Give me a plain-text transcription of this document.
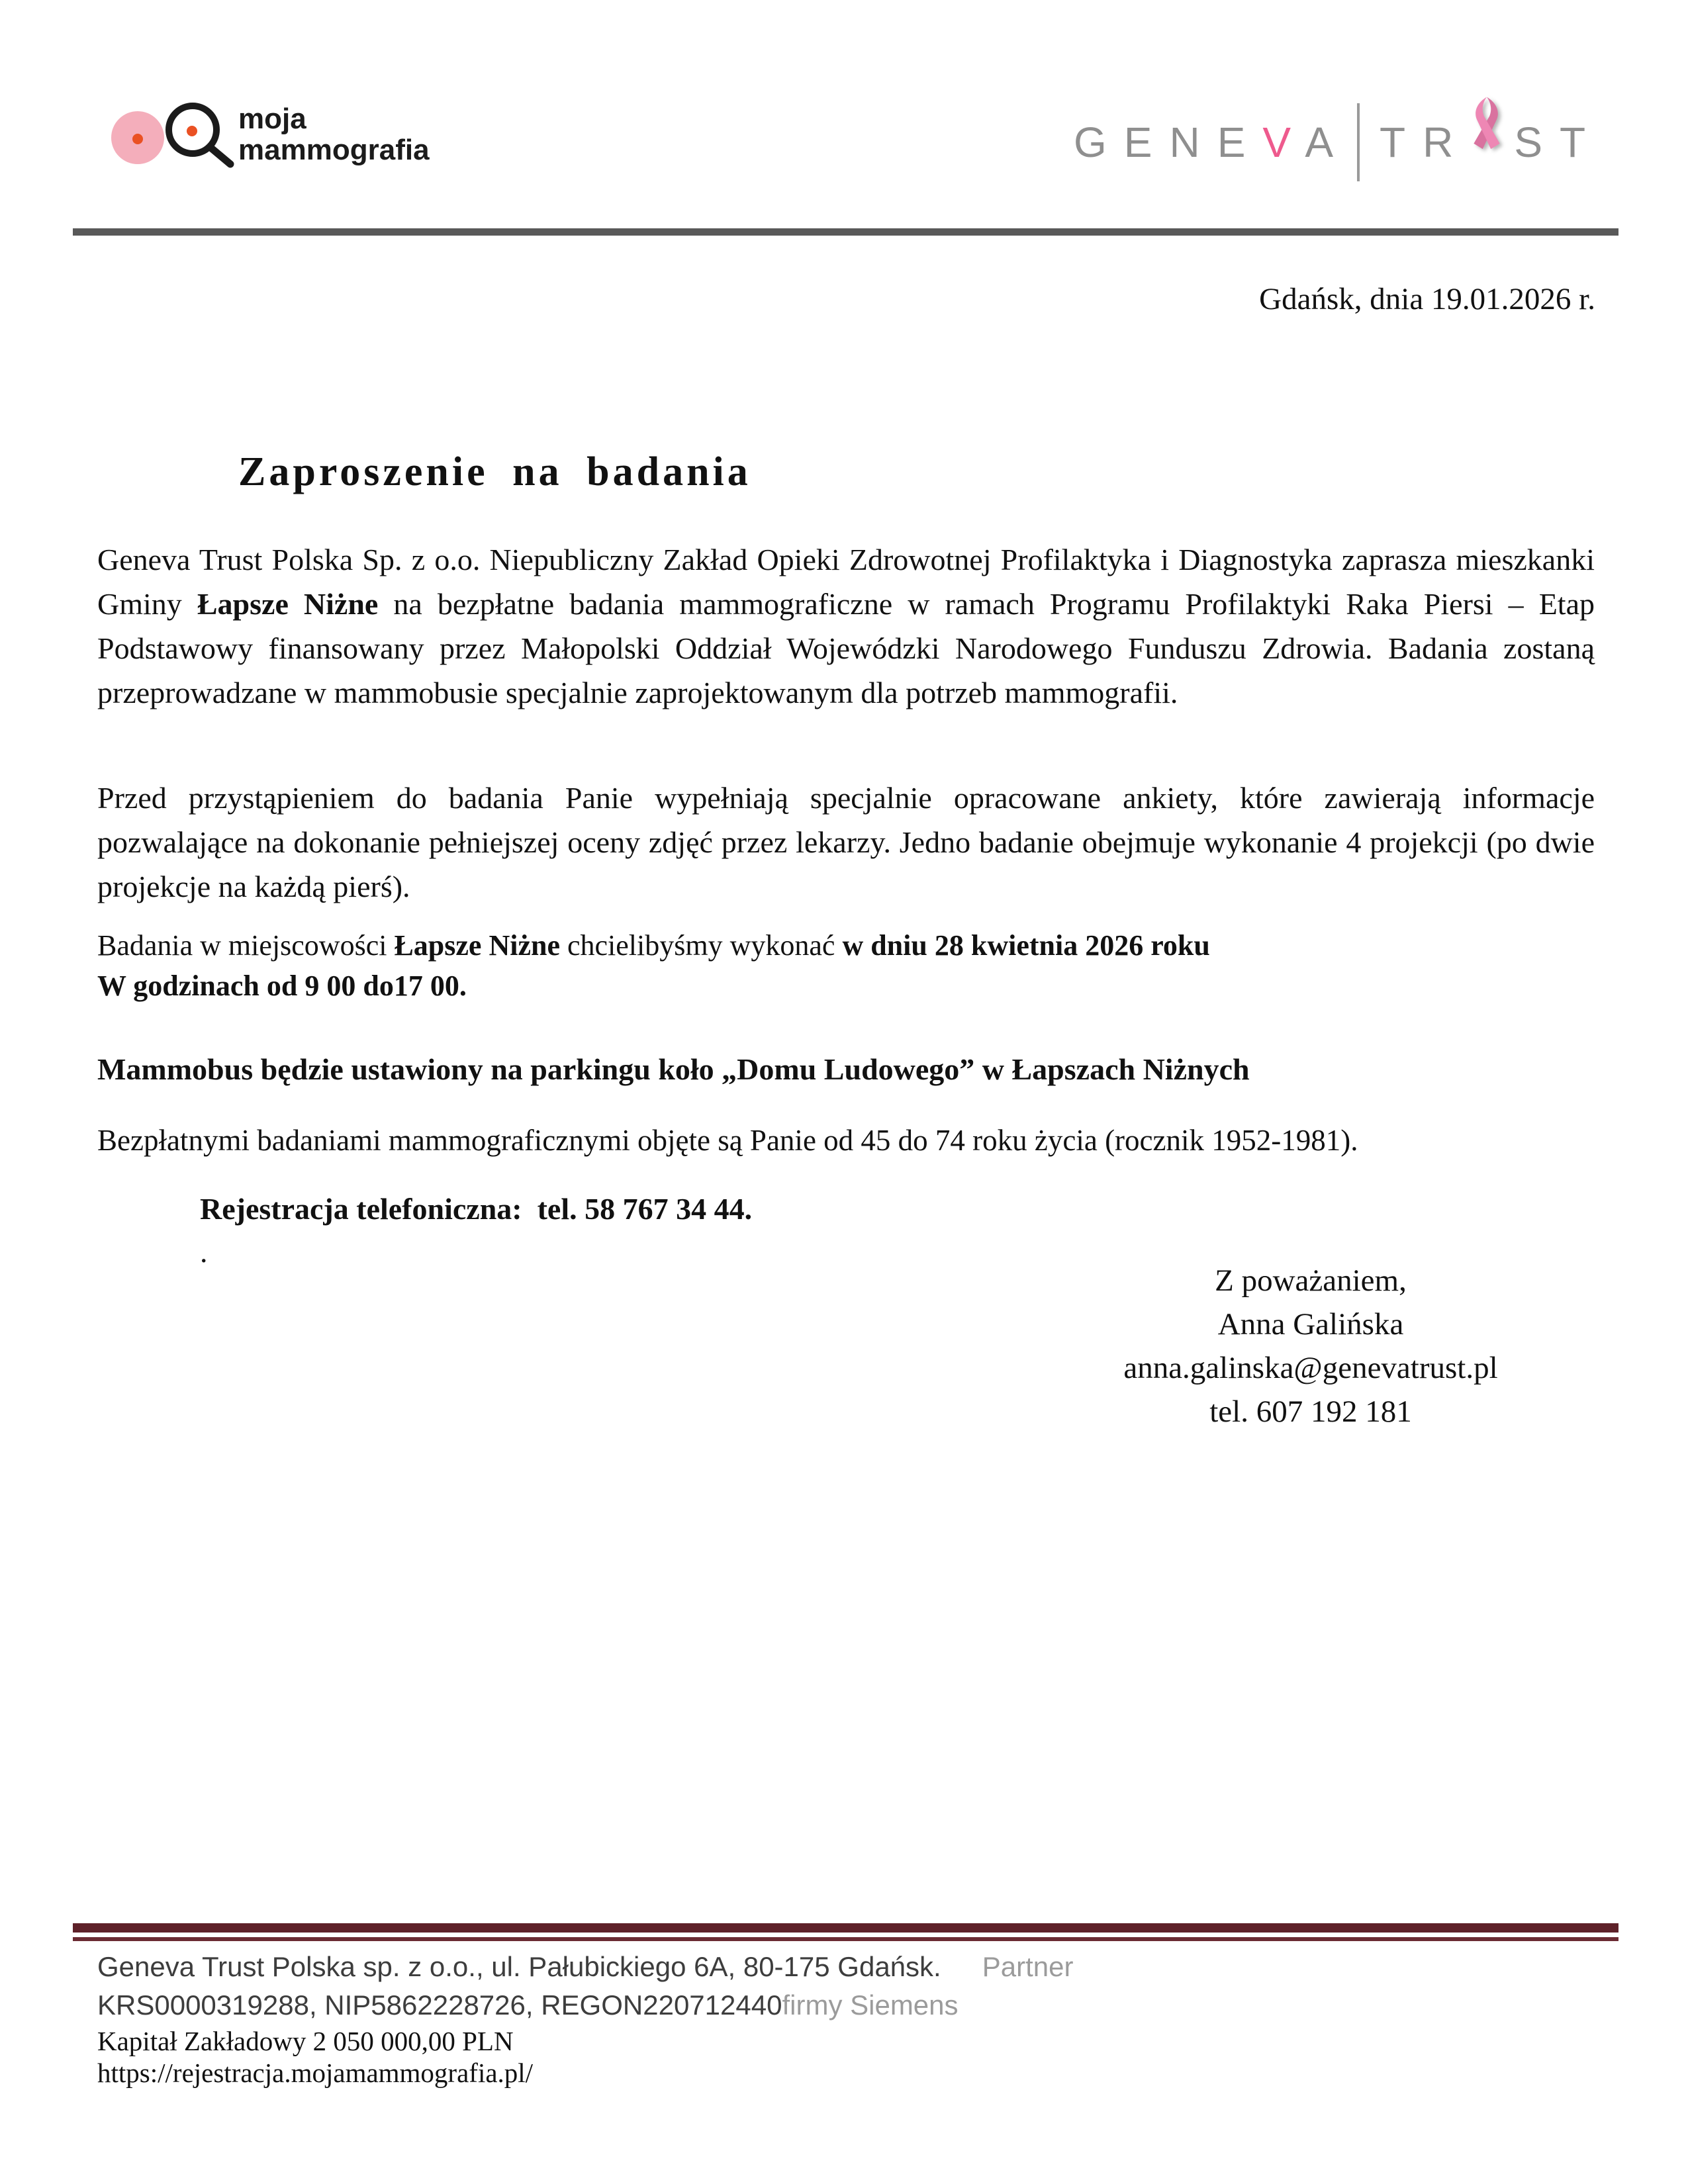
moja
mammografia	GENEVA TR ST
Gdańsk, dnia 19.01.2026 r.
Zaproszenie na badania
Geneva Trust Polska Sp. z o.o. Niepubliczny Zakład Opieki Zdrowotnej Profilaktyka i Diagnostyka zaprasza mieszkanki Gminy Łapsze Niżne na bezpłatne badania mammograficzne w ramach Programu Profilaktyki Raka Piersi – Etap Podstawowy finansowany przez Małopolski Oddział Wojewódzki Narodowego Funduszu Zdrowia. Badania zostaną przeprowadzane w mammobusie specjalnie zaprojektowanym dla potrzeb mammografii.
Przed przystąpieniem do badania Panie wypełniają specjalnie opracowane ankiety, które zawierają informacje pozwalające na dokonanie pełniejszej oceny zdjęć przez lekarzy. Jedno badanie obejmuje wykonanie 4 projekcji (po dwie projekcje na każdą pierś).
Badania w miejscowości Łapsze Niżne chcielibyśmy wykonać w dniu 28 kwietnia 2026 roku
W godzinach od 9 00 do17 00.
Mammobus będzie ustawiony na parkingu koło „Domu Ludowego” w Łapszach Niżnych
Bezpłatnymi badaniami mammograficznymi objęte są Panie od 45 do 74 roku życia (rocznik 1952-1981).
Rejestracja telefoniczna:  tel. 58 767 34 44.
.
Z poważaniem,
Anna Galińska
anna.galinska@genevatrust.pl
tel. 607 192 181
Geneva Trust Polska sp. z o.o., ul. Pałubickiego 6A, 80-175 Gdańsk. Partner
KRS0000319288, NIP5862228726, REGON220712440firmy Siemens
Kapitał Zakładowy 2 050 000,00 PLN
https://rejestracja.mojamammografia.pl/
